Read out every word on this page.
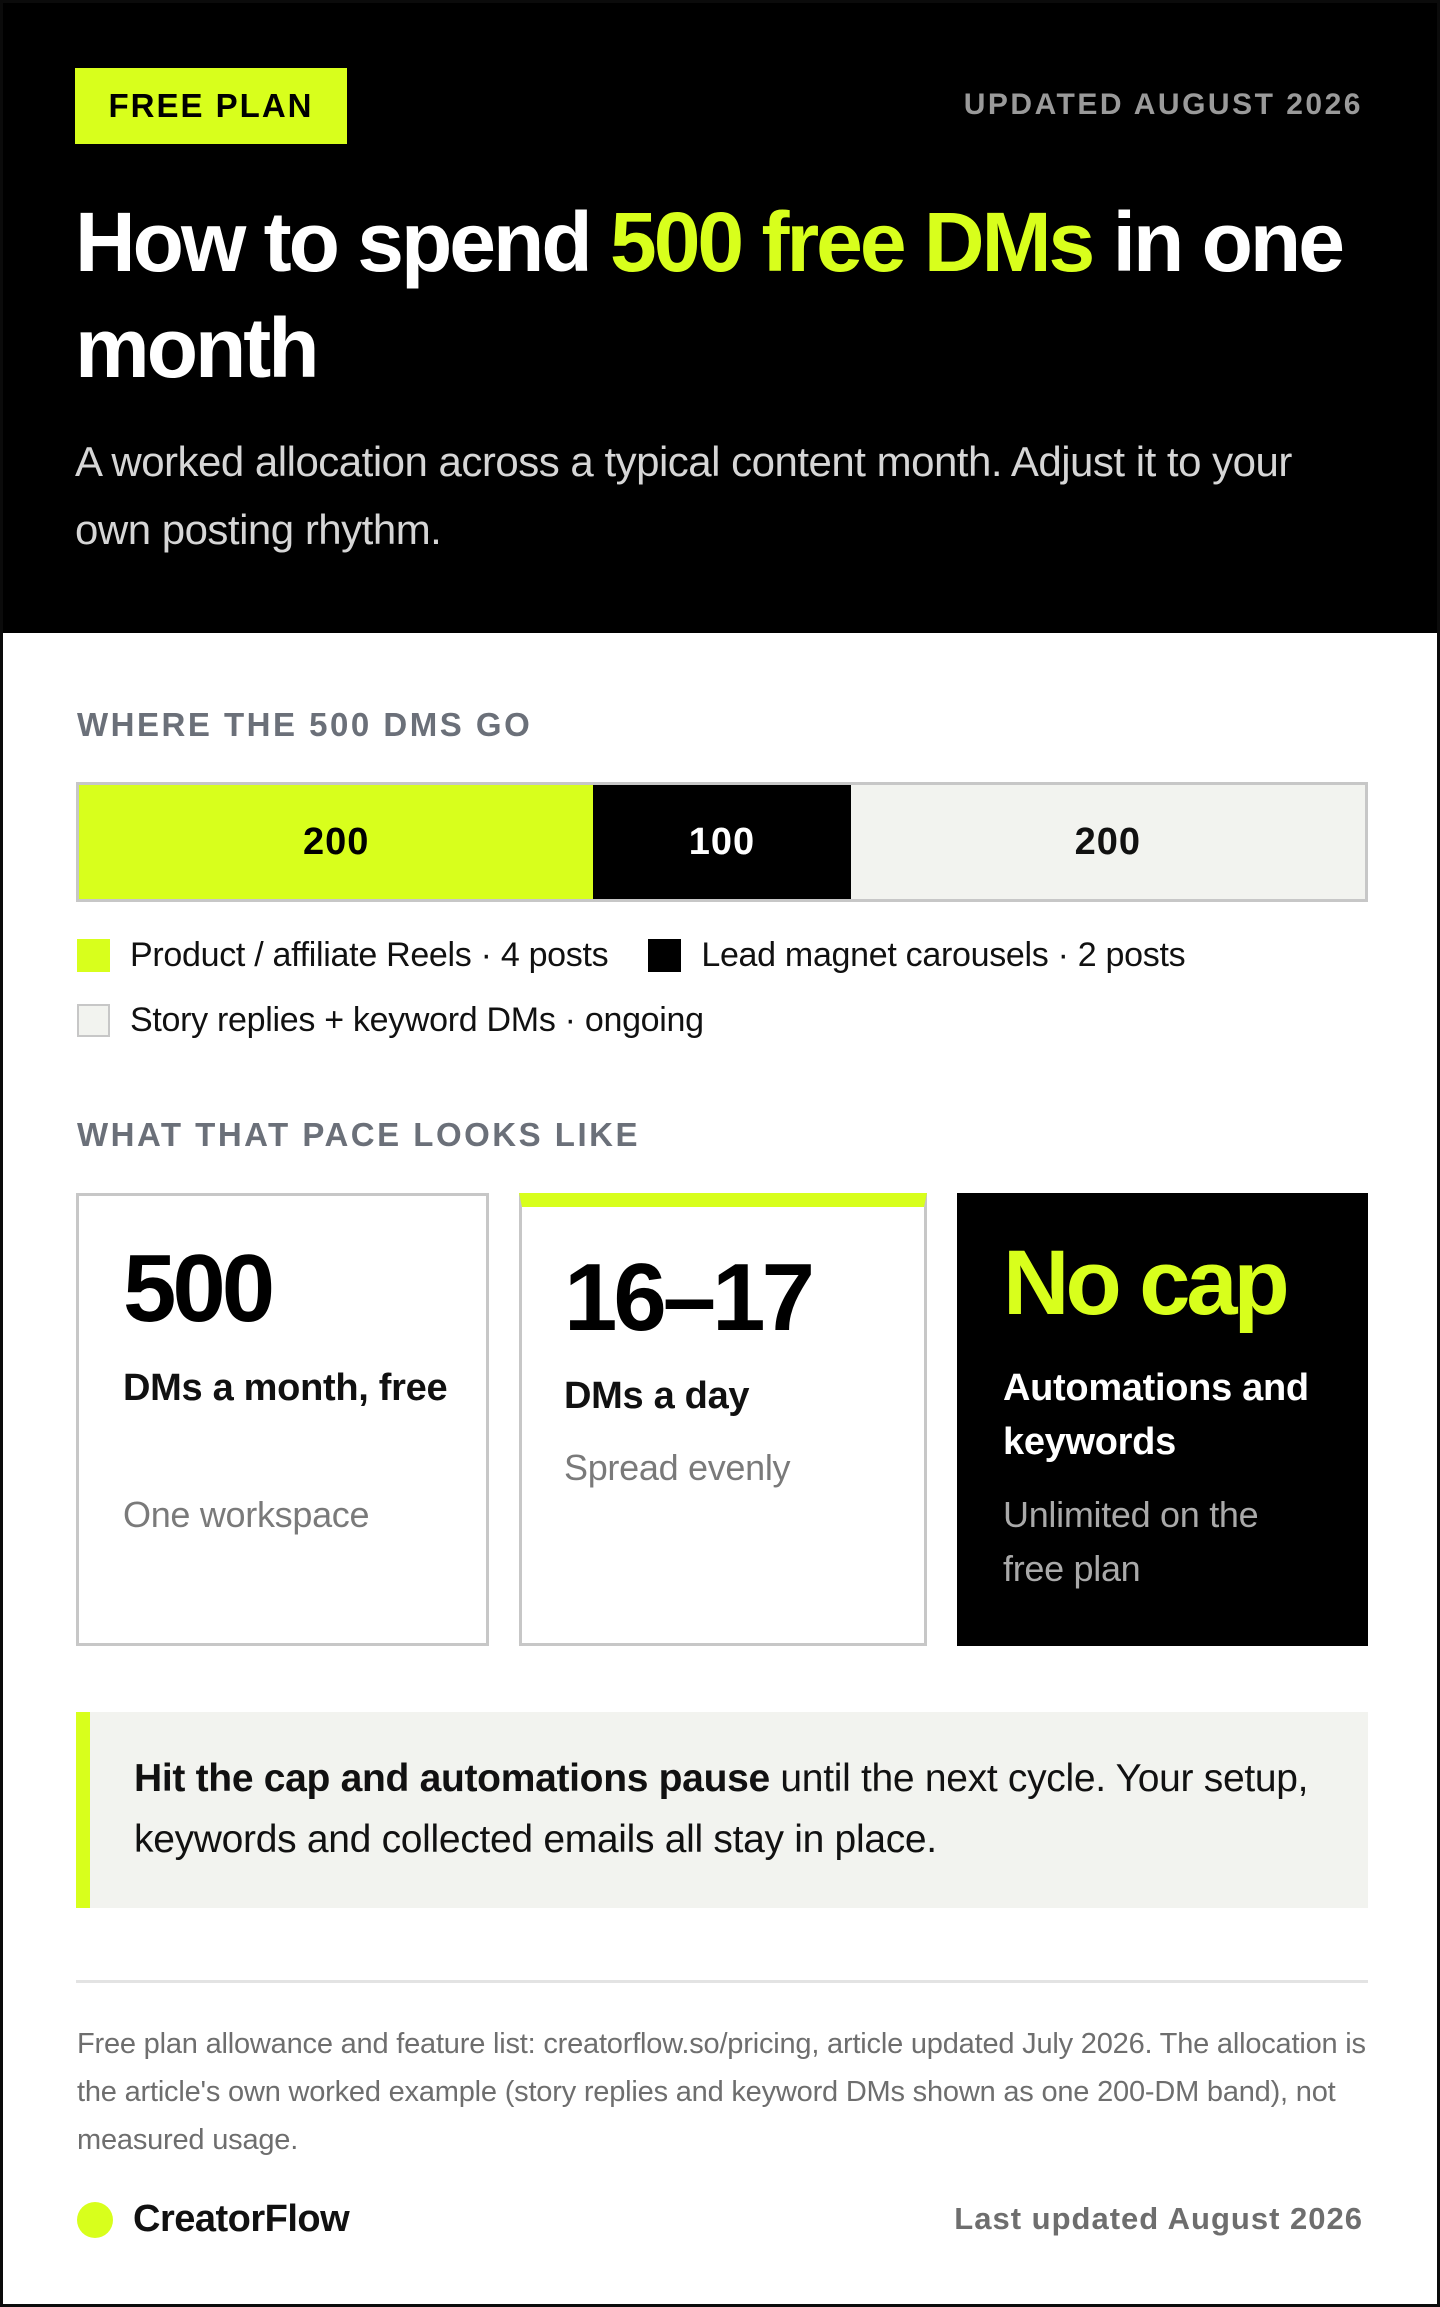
FREE PLAN	UPDATED AUGUST 2026
How to spend 500 free DMs in one month

A worked allocation across a typical content month. Adjust it to your own posting rhythm.

WHERE THE 500 DMS GO
200	100	200
Product / affiliate Reels · 4 posts	Lead magnet carousels · 2 posts
Story replies + keyword DMs · ongoing
WHAT THAT PACE LOOKS LIKE
500
DMs a month, free
One workspace
16–17
DMs a day
Spread evenly
No cap
Automations and keywords
Unlimited on the free plan

Hit the cap and automations pause until the next cycle. Your setup, keywords and collected emails all stay in place.

Free plan allowance and feature list: creatorflow.so/pricing, article updated July 2026. The allocation is the article's own worked example (story replies and keyword DMs shown as one 200-DM band), not measured usage.

CreatorFlow	Last updated August 2026
